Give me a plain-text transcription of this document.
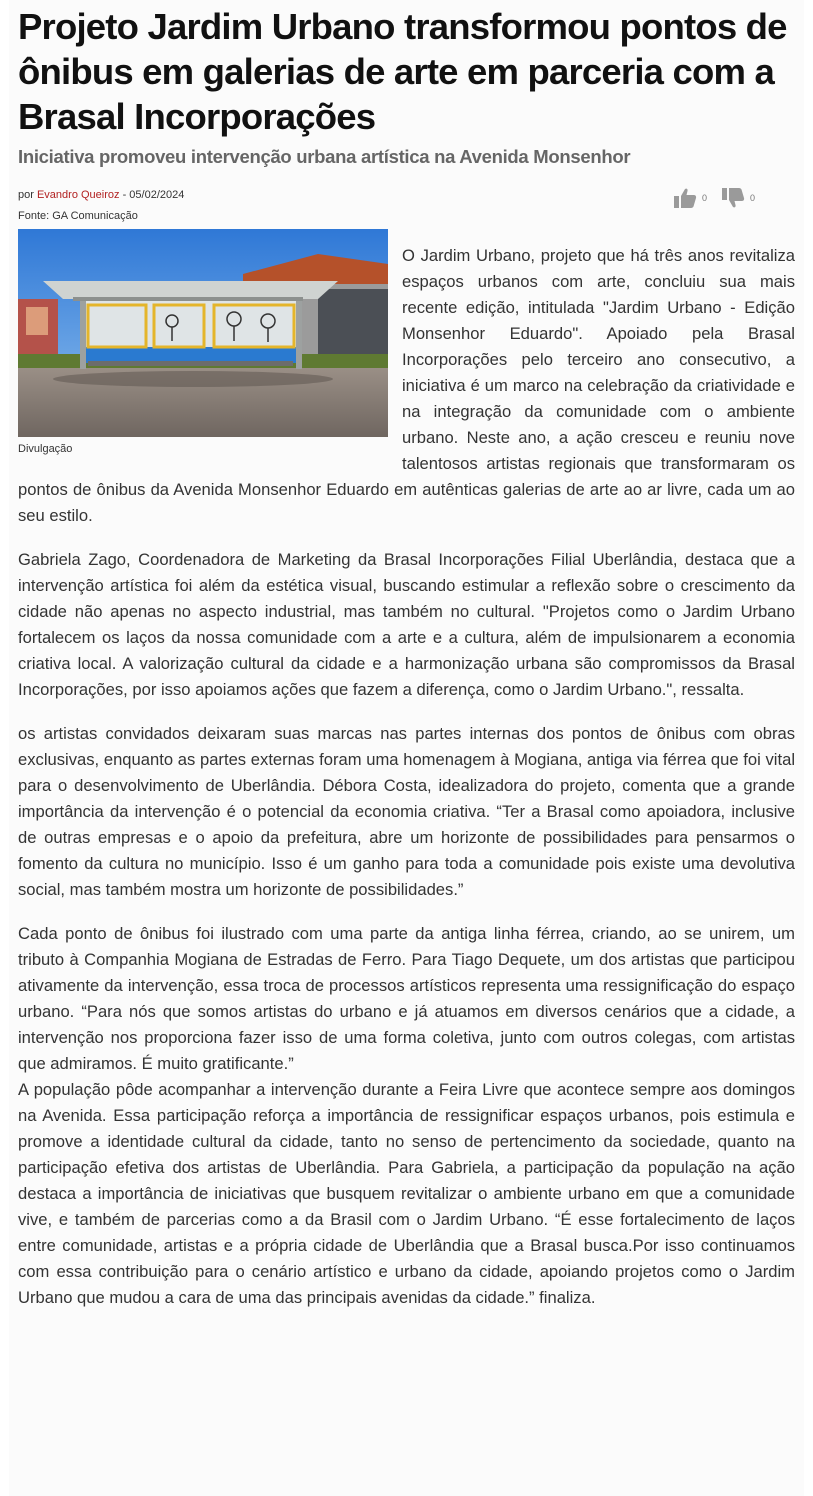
Projeto Jardim Urbano transformou pontos de ônibus em galerias de arte em parceria com a Brasal Incorporações
Iniciativa promoveu intervenção urbana artística na Avenida Monsenhor
por Evandro Queiroz - 05/02/2024
Fonte: GA Comunicação
0	0
Divulgação

O Jardim Urbano, projeto que há três anos revitaliza espaços urbanos com arte, concluiu sua mais recente edição, intitulada "Jardim Urbano - Edição Monsenhor Eduardo". Apoiado pela Brasal Incorporações pelo terceiro ano consecutivo, a iniciativa é um marco na celebração da criatividade e na integração da comunidade com o ambiente urbano. Neste ano, a ação cresceu e reuniu nove talentosos artistas regionais que transformaram os pontos de ônibus da Avenida Monsenhor Eduardo em autênticas galerias de arte ao ar livre, cada um ao seu estilo.

Gabriela Zago, Coordenadora de Marketing da Brasal Incorporações Filial Uberlândia, destaca que a intervenção artística foi além da estética visual, buscando estimular a reflexão sobre o crescimento da cidade não apenas no aspecto industrial, mas também no cultural. "Projetos como o Jardim Urbano fortalecem os laços da nossa comunidade com a arte e a cultura, além de impulsionarem a economia criativa local. A valorização cultural da cidade e a harmonização urbana são compromissos da Brasal Incorporações, por isso apoiamos ações que fazem a diferença, como o Jardim Urbano.", ressalta.

os artistas convidados deixaram suas marcas nas partes internas dos pontos de ônibus com obras exclusivas, enquanto as partes externas foram uma homenagem à Mogiana, antiga via férrea que foi vital para o desenvolvimento de Uberlândia. Débora Costa, idealizadora do projeto, comenta que a grande importância da intervenção é o potencial da economia criativa. “Ter a Brasal como apoiadora, inclusive de outras empresas e o apoio da prefeitura, abre um horizonte de possibilidades para pensarmos o fomento da cultura no município. Isso é um ganho para toda a comunidade pois existe uma devolutiva social, mas também mostra um horizonte de possibilidades.”

Cada ponto de ônibus foi ilustrado com uma parte da antiga linha férrea, criando, ao se unirem, um tributo à Companhia Mogiana de Estradas de Ferro. Para Tiago Dequete, um dos artistas que participou ativamente da intervenção, essa troca de processos artísticos representa uma ressignificação do espaço urbano. “Para nós que somos artistas do urbano e já atuamos em diversos cenários que a cidade, a intervenção nos proporciona fazer isso de uma forma coletiva, junto com outros colegas, com artistas que admiramos. É muito gratificante.”

A população pôde acompanhar a intervenção durante a Feira Livre que acontece sempre aos domingos na Avenida. Essa participação reforça a importância de ressignificar espaços urbanos, pois estimula e promove a identidade cultural da cidade, tanto no senso de pertencimento da sociedade, quanto na participação efetiva dos artistas de Uberlândia. Para Gabriela, a participação da população na ação destaca a importância de iniciativas que busquem revitalizar o ambiente urbano em que a comunidade vive, e também de parcerias como a da Brasil com o Jardim Urbano. “É esse fortalecimento de laços entre comunidade, artistas e a própria cidade de Uberlândia que a Brasal busca.Por isso continuamos com essa contribuição para o cenário artístico e urbano da cidade, apoiando projetos como o Jardim Urbano que mudou a cara de uma das principais avenidas da cidade.” finaliza.
